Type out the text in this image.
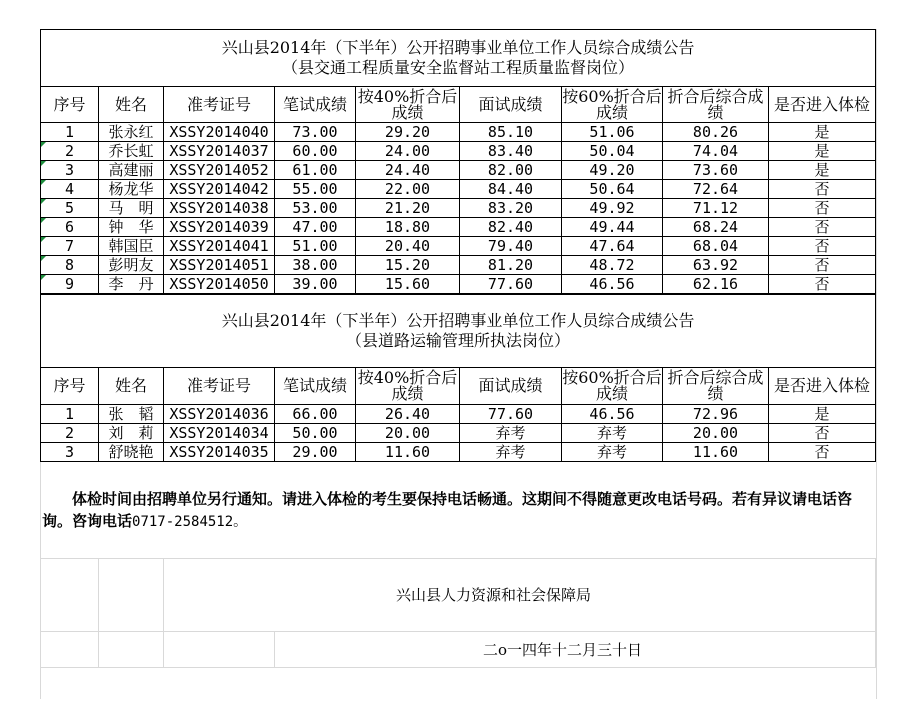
兴山县2014年（下半年）公开招聘事业单位工作人员综合成绩公告
（县交通工程质量安全监督站工程质量监督岗位）								

序号	姓名	准考证号	笔试成绩	按40%折合后成绩	面试成绩	按60%折合后成绩	折合后综合成绩	是否进入体检
1	张永红	XSSY2014040	73.00	29.20	85.10	51.06	80.26	是
2	乔长虹	XSSY2014037	60.00	24.00	83.40	50.04	74.04	是
3	高建丽	XSSY2014052	61.00	24.40	82.00	49.20	73.60	是
4	杨龙华	XSSY2014042	55.00	22.00	84.40	50.64	72.64	否
5	马　明	XSSY2014038	53.00	21.20	83.20	49.92	71.12	否
6	钟　华	XSSY2014039	47.00	18.80	82.40	49.44	68.24	否
7	韩国臣	XSSY2014041	51.00	20.40	79.40	47.64	68.04	否
8	彭明友	XSSY2014051	38.00	15.20	81.20	48.72	63.92	否
9	李　丹	XSSY2014050	39.00	15.60	77.60	46.56	62.16	否
兴山县2014年（下半年）公开招聘事业单位工作人员综合成绩公告
（县道路运输管理所执法岗位）								

序号	姓名	准考证号	笔试成绩	按40%折合后成绩	面试成绩	按60%折合后成绩	折合后综合成绩	是否进入体检
1	张　韬	XSSY2014036	66.00	26.40	77.60	46.56	72.96	是
2	刘　莉	XSSY2014034	50.00	20.00	弃考	弃考	20.00	否
3	舒晓艳	XSSY2014035	29.00	11.60	弃考	弃考	11.60	否
　　体检时间由招聘单位另行通知。请进入体检的考生要保持电话畅通。这期间不得随意更改电话号码。若有异议请电话咨询。咨询电话0717-2584512。
		兴山县人力资源和社会保障局	
			二o一四年十二月三十日
